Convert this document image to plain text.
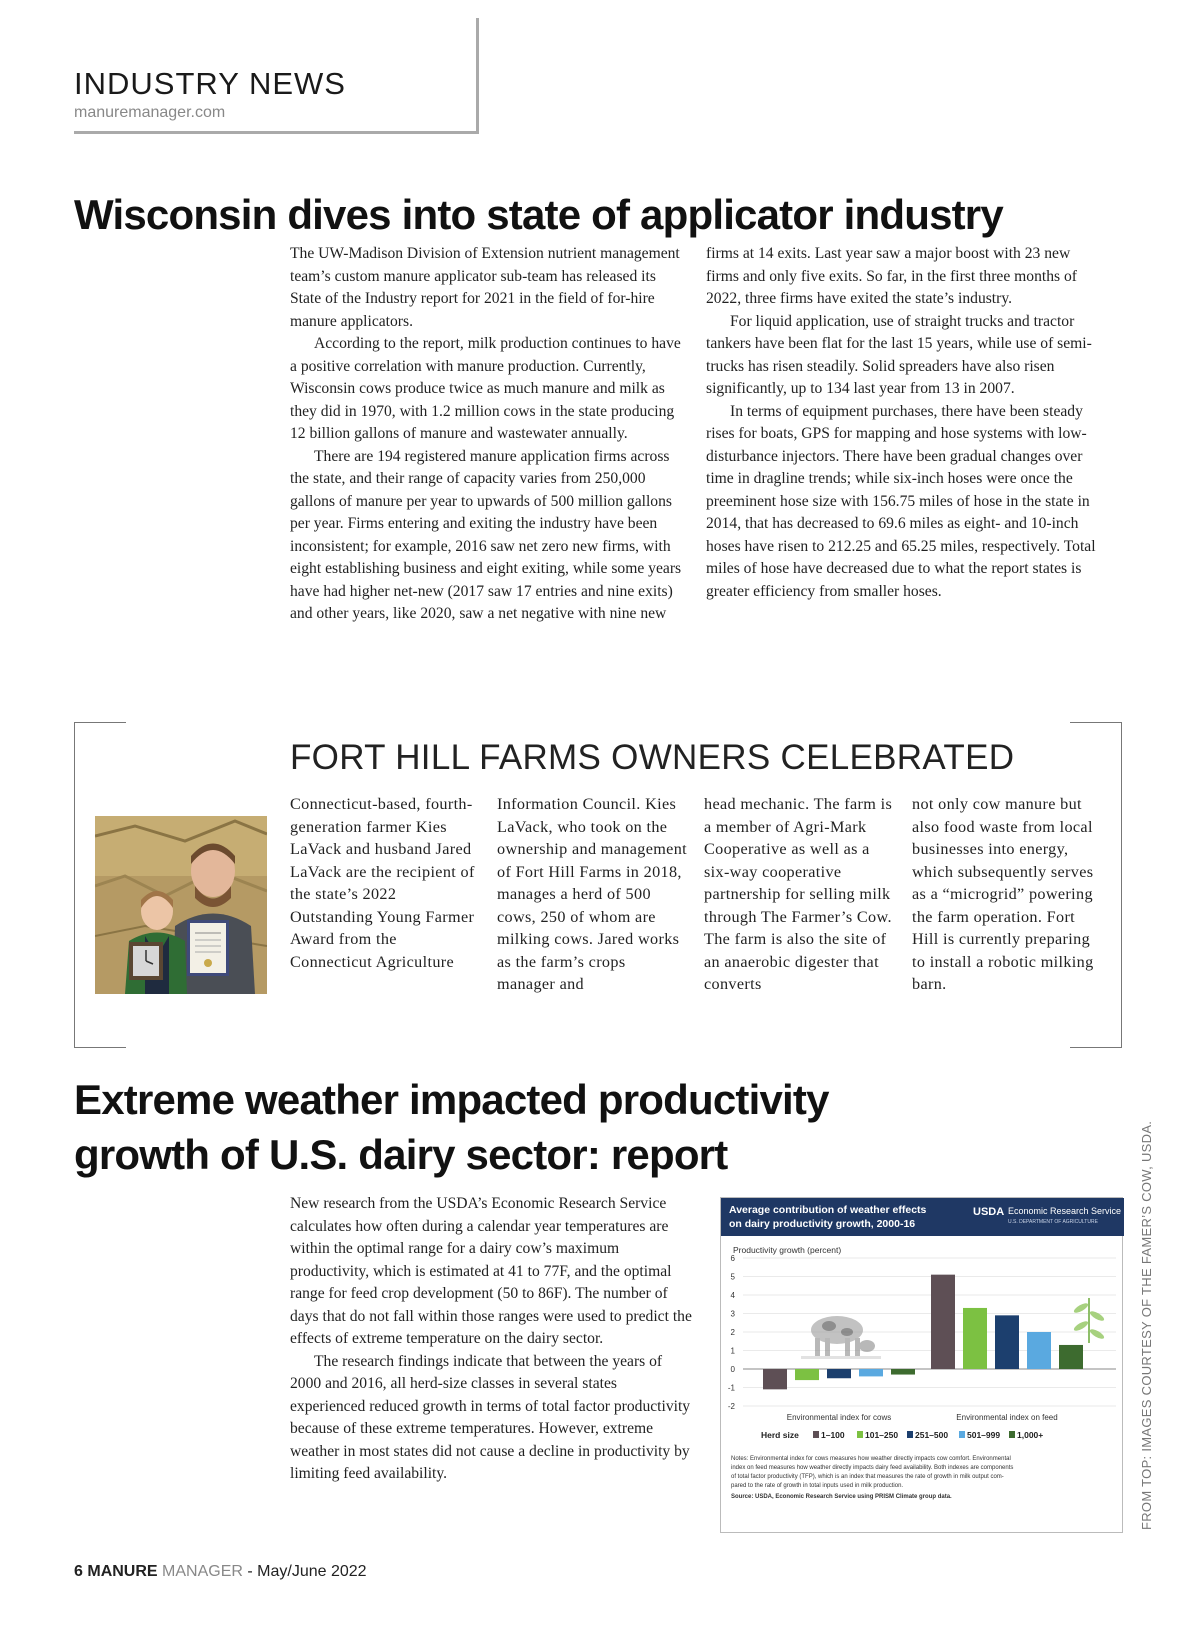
INDUSTRY NEWS
manuremanager.com
Wisconsin dives into state of applicator industry

The UW-Madison Division of Extension nutrient management team’s custom manure applicator sub-team has released its State of the Industry report for 2021 in the field of for-hire manure applicators.

According to the report, milk production continues to have a positive correlation with manure production. Currently, Wisconsin cows produce twice as much manure and milk as they did in 1970, with 1.2 million cows in the state producing 12 billion gallons of manure and wastewater annually.

There are 194 registered manure application firms across the state, and their range of capacity varies from 250,000 gallons of manure per year to upwards of 500 million gallons per year. Firms entering and exiting the industry have been inconsistent; for example, 2016 saw net zero new firms, with eight establishing business and eight exiting, while some years have had higher net-new (2017 saw 17 entries and nine exits) and other years, like 2020, saw a net negative with nine new

firms at 14 exits. Last year saw a major boost with 23 new firms and only five exits. So far, in the first three months of 2022, three firms have exited the state’s industry.

For liquid application, use of straight trucks and tractor tankers have been flat for the last 15 years, while use of semi-trucks has risen steadily. Solid spreaders have also risen significantly, up to 134 last year from 13 in 2007.

In terms of equipment purchases, there have been steady rises for boats, GPS for mapping and hose systems with low-disturbance injectors. There have been gradual changes over time in dragline trends; while six-inch hoses were once the preeminent hose size with 156.75 miles of hose in the state in 2014, that has decreased to 69.6 miles as eight- and 10-inch hoses have risen to 212.25 and 65.25 miles, respectively. Total miles of hose have decreased due to what the report states is greater efficiency from smaller hoses.

FORT HILL FARMS OWNERS CELEBRATED
Connecticut-based, fourth-generation farmer Kies LaVack and husband Jared LaVack are the recipient of the state’s 2022 Outstanding Young Farmer Award from the Connecticut Agriculture
Information Council. Kies LaVack, who took on the ownership and management of Fort Hill Farms in 2018, manages a herd of 500 cows, 250 of whom are milking cows. Jared works as the farm’s crops manager and
head mechanic. The farm is a member of Agri-Mark Cooperative as well as a six-way cooperative partnership for selling milk through The Farmer’s Cow. The farm is also the site of an anaerobic digester that converts
not only cow manure but also food waste from local businesses into energy, which subsequently serves as a “microgrid” powering the farm operation. Fort Hill is currently preparing to install a robotic milking barn.
Extreme weather impacted productivity
growth of U.S. dairy sector: report

New research from the USDA’s Economic Research Service calculates how often during a calendar year temperatures are within the optimal range for a dairy cow’s maximum productivity, which is estimated at 41 to 77F, and the optimal range for feed crop development (50 to 86F). The number of days that do not fall within those ranges were used to predict the effects of extreme temperature on the dairy sector.

The research findings indicate that between the years of 2000 and 2016, all herd-size classes in several states experienced reduced growth in terms of total factor productivity because of these extreme temperatures. However, extreme weather in most states did not cause a decline in productivity by limiting feed availability.

Average contribution of weather effects
on dairy productivity growth, 2000-16
USDA Economic Research Service
U.S. DEPARTMENT OF AGRICULTURE
Productivity growth (percent)
6
5
4
3
2
1
0
-1
-2
Environmental index for cows	Environmental index on feed
Herd size	1–100 101–250 251–500 501–999 1,000+
Notes: Environmental index for cows measures how weather directly impacts cow comfort. Environmental
index on feed measures how weather directly impacts dairy feed availability. Both indexes are components
of total factor productivity (TFP), which is an index that measures the rate of growth in milk output com-
pared to the rate of growth in total inputs used in milk production.
Source: USDA, Economic Research Service using PRISM Climate group data.	FROM TOP: IMAGES COURTESY OF THE FAMER’S COW, USDA.
6 MANURE MANAGER - May/June 2022
